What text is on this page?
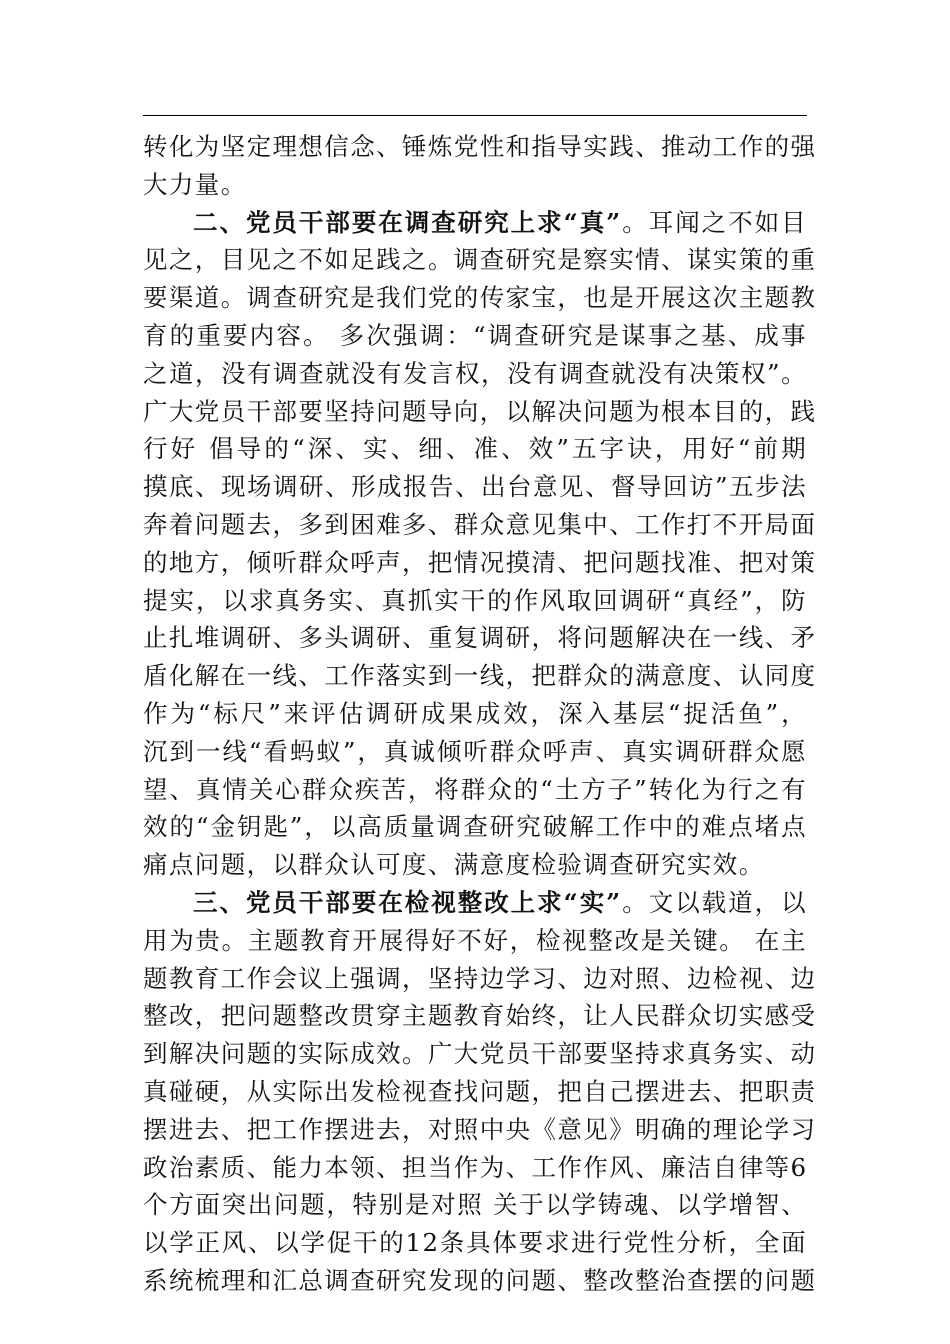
转化为坚定理想信念、锤炼党性和指导实践、推动工作的强
大力量。
二、党员干部要在调查研究上求“真”。耳闻之不如目
见之，目见之不如足践之。调查研究是察实情、谋实策的重
要渠道。调查研究是我们党的传家宝，也是开展这次主题教
育的重要内容。 多次强调：“调查研究是谋事之基、成事
之道，没有调查就没有发言权，没有调查就没有决策权”。
广大党员干部要坚持问题导向，以解决问题为根本目的，践
行好 倡导的“深、实、细、准、效”五字诀，用好“前期
摸底、现场调研、形成报告、出台意见、督导回访”五步法
奔着问题去，多到困难多、群众意见集中、工作打不开局面
的地方，倾听群众呼声，把情况摸清、把问题找准、把对策
提实，以求真务实、真抓实干的作风取回调研“真经”，防
止扎堆调研、多头调研、重复调研，将问题解决在一线、矛
盾化解在一线、工作落实到一线，把群众的满意度、认同度
作为“标尺”来评估调研成果成效，深入基层“捉活鱼”，
沉到一线“看蚂蚁”，真诚倾听群众呼声、真实调研群众愿
望、真情关心群众疾苦，将群众的“土方子”转化为行之有
效的“金钥匙”，以高质量调查研究破解工作中的难点堵点
痛点问题，以群众认可度、满意度检验调查研究实效。
三、党员干部要在检视整改上求“实”。文以载道，以
用为贵。主题教育开展得好不好，检视整改是关键。 在主
题教育工作会议上强调，坚持边学习、边对照、边检视、边
整改，把问题整改贯穿主题教育始终，让人民群众切实感受
到解决问题的实际成效。广大党员干部要坚持求真务实、动
真碰硬，从实际出发检视查找问题，把自己摆进去、把职责
摆进去、把工作摆进去，对照中央《意见》明确的理论学习
政治素质、能力本领、担当作为、工作作风、廉洁自律等6
个方面突出问题，特别是对照 关于以学铸魂、以学增智、
以学正风、以学促干的12条具体要求进行党性分析，全面
系统梳理和汇总调查研究发现的问题、整改整治查摆的问题
